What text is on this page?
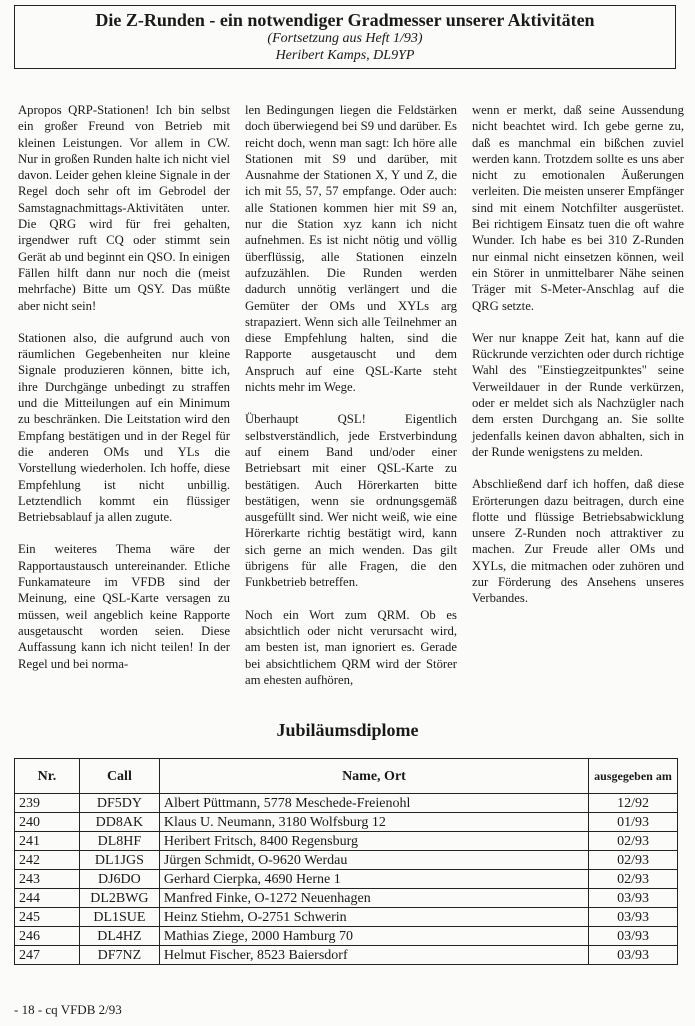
Die Z-Runden - ein notwendiger Gradmesser unserer Aktivitäten
(Fortsetzung aus Heft 1/93)
Heribert Kamps, DL9YP

Apropos QRP-Stationen! Ich bin selbst ein großer Freund von Betrieb mit kleinen Leistungen. Vor allem in CW. Nur in großen Runden halte ich nicht viel davon. Leider gehen kleine Signale in der Regel doch sehr oft im Gebrodel der Samstagnachmittags-Aktivitäten unter. Die QRG wird für frei gehalten, irgendwer ruft CQ oder stimmt sein Gerät ab und beginnt ein QSO. In einigen Fällen hilft dann nur noch die (meist mehrfache) Bitte um QSY. Das müßte aber nicht sein!

Stationen also, die aufgrund auch von räumlichen Gegebenheiten nur kleine Signale produzieren können, bitte ich, ihre Durchgänge unbedingt zu straffen und die Mitteilungen auf ein Minimum zu beschränken. Die Leitstation wird den Empfang bestätigen und in der Regel für die anderen OMs und YLs die Vorstellung wiederholen. Ich hoffe, diese Empfehlung ist nicht unbillig. Letztendlich kommt ein flüssiger Betriebsablauf ja allen zugute.

Ein weiteres Thema wäre der Rapportaustausch untereinander. Etliche Funkamateure im VFDB sind der Meinung, eine QSL-Karte versagen zu müssen, weil angeblich keine Rapporte ausgetauscht worden seien. Diese Auffassung kann ich nicht teilen! In der Regel und bei norma-

len Bedingungen liegen die Feldstärken doch überwiegend bei S9 und darüber. Es reicht doch, wenn man sagt: Ich höre alle Stationen mit S9 und darüber, mit Ausnahme der Stationen X, Y und Z, die ich mit 55, 57, 57 empfange. Oder auch: alle Stationen kommen hier mit S9 an, nur die Station xyz kann ich nicht aufnehmen. Es ist nicht nötig und völlig überflüssig, alle Stationen einzeln aufzuzählen. Die Runden werden dadurch unnötig verlängert und die Gemüter der OMs und XYLs arg strapaziert. Wenn sich alle Teilnehmer an diese Empfehlung halten, sind die Rapporte ausgetauscht und dem Anspruch auf eine QSL-Karte steht nichts mehr im Wege.

Überhaupt QSL! Eigentlich selbstverständlich, jede Erstverbindung auf einem Band und/oder einer Betriebsart mit einer QSL-Karte zu bestätigen. Auch Hörerkarten bitte bestätigen, wenn sie ordnungsgemäß ausgefüllt sind. Wer nicht weiß, wie eine Hörerkarte richtig bestätigt wird, kann sich gerne an mich wenden. Das gilt übrigens für alle Fragen, die den Funkbetrieb betreffen.

Noch ein Wort zum QRM. Ob es absichtlich oder nicht verursacht wird, am besten ist, man ignoriert es. Gerade bei absichtlichem QRM wird der Störer am ehesten aufhören,

wenn er merkt, daß seine Aussendung nicht beachtet wird. Ich gebe gerne zu, daß es manchmal ein bißchen zuviel werden kann. Trotzdem sollte es uns aber nicht zu emotionalen Äußerungen verleiten. Die meisten unserer Empfänger sind mit einem Notchfilter ausgerüstet. Bei richtigem Einsatz tuen die oft wahre Wunder. Ich habe es bei 310 Z-Runden nur einmal nicht einsetzen können, weil ein Störer in unmittelbarer Nähe seinen Träger mit S-Meter-Anschlag auf die QRG setzte.

Wer nur knappe Zeit hat, kann auf die Rückrunde verzichten oder durch richtige Wahl des "Einstiegzeitpunktes" seine Verweildauer in der Runde verkürzen, oder er meldet sich als Nachzügler nach dem ersten Durchgang an. Sie sollte jedenfalls keinen davon abhalten, sich in der Runde wenigstens zu melden.

Abschließend darf ich hoffen, daß diese Erörterungen dazu beitragen, durch eine flotte und flüssige Betriebsabwicklung unsere Z-Runden noch attraktiver zu machen. Zur Freude aller OMs und XYLs, die mitmachen oder zuhören und zur Förderung des Ansehens unseres Verbandes.

Jubiläumsdiplome
Nr.	Call	Name, Ort	ausgegeben am
239	DF5DY	Albert Püttmann, 5778 Meschede-Freienohl	12/92
240	DD8AK	Klaus U. Neumann, 3180 Wolfsburg 12	01/93
241	DL8HF	Heribert Fritsch, 8400 Regensburg	02/93
242	DL1JGS	Jürgen Schmidt, O-9620 Werdau	02/93
243	DJ6DO	Gerhard Cierpka, 4690 Herne 1	02/93
244	DL2BWG	Manfred Finke, O-1272 Neuenhagen	03/93
245	DL1SUE	Heinz Stiehm, O-2751 Schwerin	03/93
246	DL4HZ	Mathias Ziege, 2000 Hamburg 70	03/93
247	DF7NZ	Helmut Fischer, 8523 Baiersdorf	03/93
- 18 - cq VFDB 2/93
